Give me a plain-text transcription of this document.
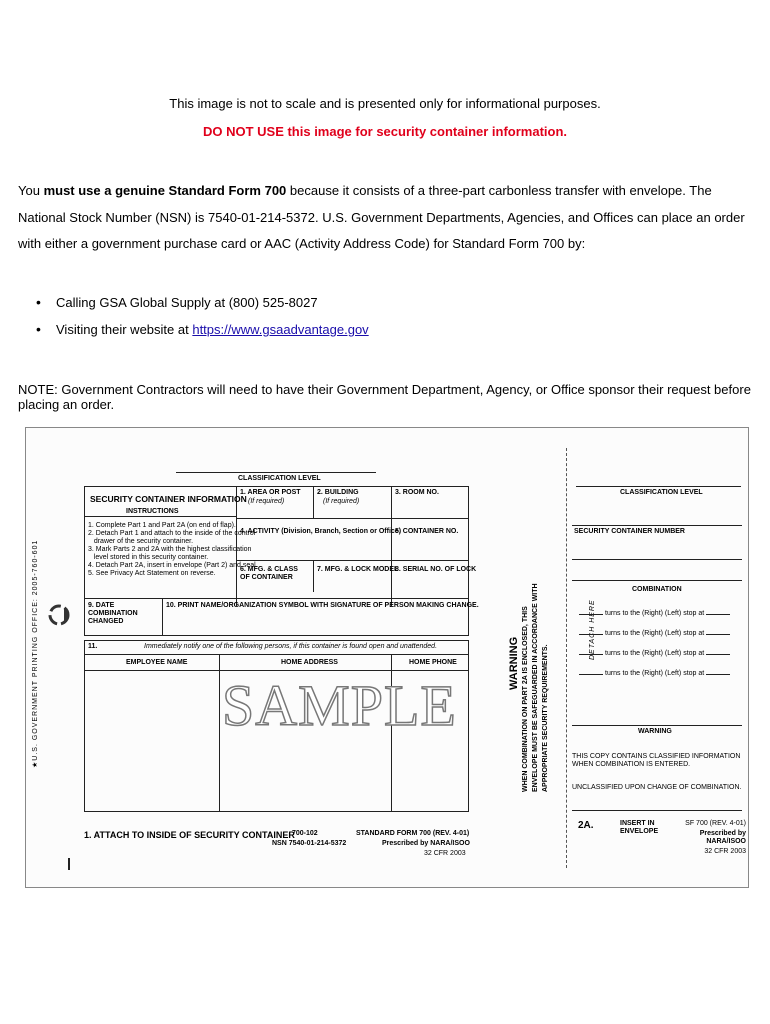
This image is not to scale and is presented only for informational purposes.
DO NOT USE this image for security container information.
You must use a genuine Standard Form 700 because it consists of a three-part carbonless transfer with envelope. The National Stock Number (NSN) is 7540-01-214-5372. U.S. Government Departments, Agencies, and Offices can place an order with either a government purchase card or AAC (Activity Address Code) for Standard Form 700 by:
• Calling GSA Global Supply at (800) 525-8027
• Visiting their website at https://www.gsaadvantage.gov
NOTE: Government Contractors will need to have their Government Department, Agency, or Office sponsor their request before placing an order.
★U.S. GOVERNMENT PRINTING OFFICE: 2005-760-601
CLASSIFICATION LEVEL
SECURITY CONTAINER INFORMATION
INSTRUCTIONS
1. Complete Part 1 and Part 2A (on end of flap).
2. Detach Part 1 and attach to the inside of the control
drawer of the security container.
3. Mark Parts 2 and 2A with the highest classification
level stored in this security container.
4. Detach Part 2A, insert in envelope (Part 2) and seal.
5. See Privacy Act Statement on reverse.
1. AREA OR POST
(If required)
2. BUILDING
(If required)
3. ROOM NO.
4. ACTIVITY (Division, Branch, Section or Office)
5. CONTAINER NO.
6. MFG. & CLASS OF CONTAINER
7. MFG. & LOCK MODEL
8. SERIAL NO. OF LOCK
9. DATE COMBINATION CHANGED
10. PRINT NAME/ORGANIZATION SYMBOL WITH SIGNATURE OF PERSON MAKING CHANGE.
11.	Immediately notify one of the following persons, if this container is found open and unattended.
EMPLOYEE NAME	HOME ADDRESS	HOME PHONE
SAMPLE
1. ATTACH TO INSIDE OF SECURITY CONTAINER
700-102
NSN 7540-01-214-5372
STANDARD FORM 700 (REV. 4-01)
Prescribed by NARA/ISOO
32 CFR 2003
WARNING WHEN COMBINATION ON PART 2A IS ENCLOSED, THIS ENVELOPE MUST BE SAFEGUARDED IN ACCORDANCE WITH APPROPRIATE SECURITY REQUIREMENTS.
DETACH HERE
CLASSIFICATION LEVEL
SECURITY CONTAINER NUMBER
COMBINATION
turns to the (Right) (Left) stop at
turns to the (Right) (Left) stop at
turns to the (Right) (Left) stop at
turns to the (Right) (Left) stop at
WARNING
THIS COPY CONTAINS CLASSIFIED INFORMATION WHEN COMBINATION IS ENTERED.
UNCLASSIFIED UPON CHANGE OF COMBINATION.
2A.	INSERT IN ENVELOPE
SF 700 (REV. 4-01)
Prescribed by NARA/ISOO
32 CFR 2003
